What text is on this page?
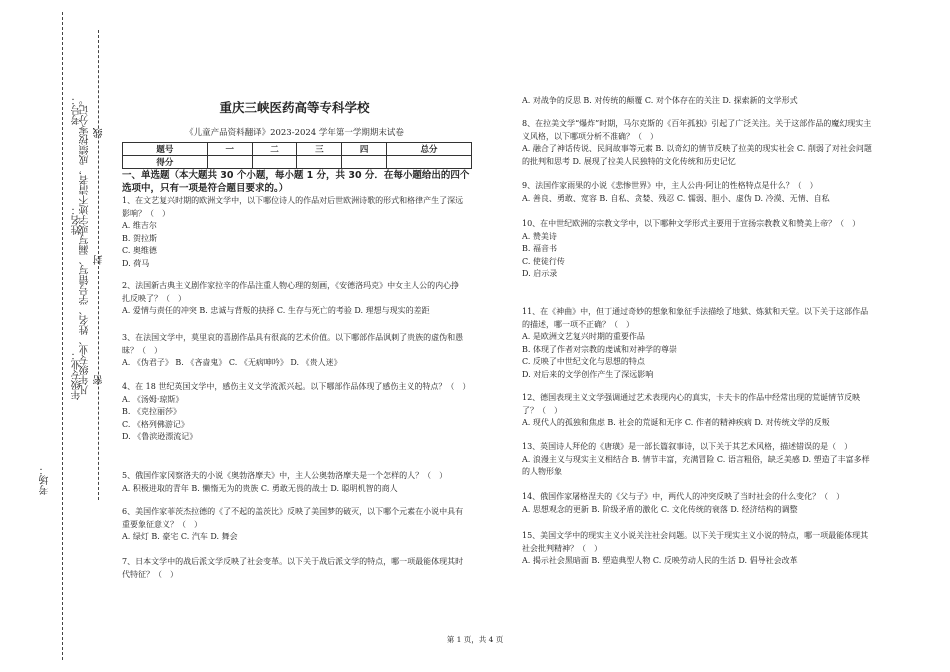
考号：
凡年级专业、姓名、学号错写、漏写或字迹不清者，成绩按零分记。 线
姓名：
封
年级专业： 密
考场：
重庆三峡医药高等专科学校
《儿童产品资料翻译》2023-2024 学年第一学期期末试卷
题号	一	二	三	四	总分
得分					
一、单选题（本大题共 30 个小题，每小题 1 分，共 30 分．在每小题给出的四个选项中，只有一项是符合题目要求的。）

1、在文艺复兴时期的欧洲文学中，以下哪位诗人的作品对后世欧洲诗歌的形式和格律产生了深远影响？（　）

A. 维吉尔

B. 贺拉斯

C. 奥维德

D. 荷马

2、法国新古典主义剧作家拉辛的作品注重人物心理的刻画，《安德洛玛克》中女主人公的内心挣扎反映了？（　）

A. 爱情与责任的冲突 B. 忠诚与背叛的抉择 C. 生存与死亡的考验 D. 理想与现实的差距

3、在法国文学中，莫里哀的喜剧作品具有很高的艺术价值。以下哪部作品讽刺了贵族的虚伪和愚昧？（　）

A. 《伪君子》 B. 《吝啬鬼》 C. 《无病呻吟》 D. 《贵人迷》

4、在 18 世纪英国文学中，感伤主义文学流派兴起。以下哪部作品体现了感伤主义的特点？（　）

A. 《汤姆·琼斯》

B. 《克拉丽莎》

C. 《格列佛游记》

D. 《鲁滨逊漂流记》

5、俄国作家冈察洛夫的小说《奥勃洛摩夫》中，主人公奥勃洛摩夫是一个怎样的人？（　）

A. 积极进取的青年 B. 懒惰无为的贵族 C. 勇敢无畏的战士 D. 聪明机智的商人

6、美国作家菲茨杰拉德的《了不起的盖茨比》反映了美国梦的破灭，以下哪个元素在小说中具有重要象征意义？（　）

A. 绿灯 B. 豪宅 C. 汽车 D. 舞会

7、日本文学中的战后派文学反映了社会变革。以下关于战后派文学的特点，哪一项最能体现其时代特征？（　）

A. 对战争的反思 B. 对传统的颠覆 C. 对个体存在的关注 D. 探索新的文学形式

8、在拉美文学“爆炸”时期，马尔克斯的《百年孤独》引起了广泛关注。关于这部作品的魔幻现实主义风格，以下哪项分析不准确？（　）

A. 融合了神话传说、民间故事等元素 B. 以奇幻的情节反映了拉美的现实社会 C. 削弱了对社会问题的批判和思考 D. 展现了拉美人民独特的文化传统和历史记忆

9、法国作家雨果的小说《悲惨世界》中，主人公冉·阿让的性格特点是什么？（　）

A. 善良、勇敢、宽容 B. 自私、贪婪、残忍 C. 懦弱、胆小、虚伪 D. 冷漠、无情、自私

10、在中世纪欧洲的宗教文学中，以下哪种文学形式主要用于宣扬宗教教义和赞美上帝？（　）

A. 赞美诗

B. 福音书

C. 使徒行传

D. 启示录

11、在《神曲》中，但丁通过奇妙的想象和象征手法描绘了地狱、炼狱和天堂。以下关于这部作品的描述，哪一项不正确？（　）

A. 是欧洲文艺复兴时期的重要作品

B. 体现了作者对宗教的虔诚和对神学的尊崇

C. 反映了中世纪文化与思想的特点

D. 对后来的文学创作产生了深远影响

12、德国表现主义文学强调通过艺术表现内心的真实，卡夫卡的作品中经常出现的荒诞情节反映了？（　）

A. 现代人的孤独和焦虑 B. 社会的荒诞和无序 C. 作者的精神疾病 D. 对传统文学的反叛

13、英国诗人拜伦的《唐璜》是一部长篇叙事诗，以下关于其艺术风格，描述错误的是（　）

A. 浪漫主义与现实主义相结合 B. 情节丰富，充满冒险 C. 语言粗俗，缺乏美感 D. 塑造了丰富多样的人物形象

14、俄国作家屠格涅夫的《父与子》中，两代人的冲突反映了当时社会的什么变化？（　）

A. 思想观念的更新 B. 阶级矛盾的激化 C. 文化传统的衰落 D. 经济结构的调整

15、美国文学中的现实主义小说关注社会问题。以下关于现实主义小说的特点，哪一项最能体现其社会批判精神？（　）

A. 揭示社会黑暗面 B. 塑造典型人物 C. 反映劳动人民的生活 D. 倡导社会改革

第 1 页，共 4 页
